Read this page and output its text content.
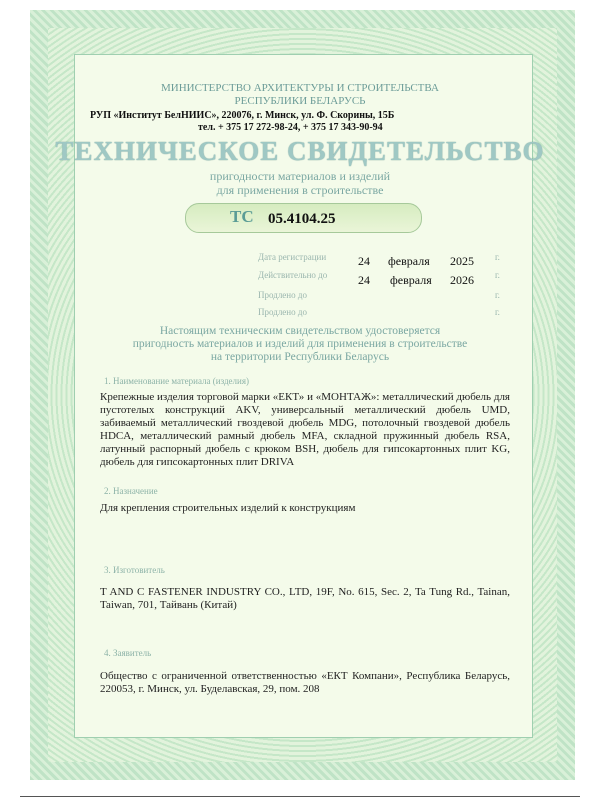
МИНИСТЕРСТВО АРХИТЕКТУРЫ И СТРОИТЕЛЬСТВА
РЕСПУБЛИКИ БЕЛАРУСЬ
РУП «Институт БелНИИС», 220076, г. Минск, ул. Ф. Скорины, 15Б
тел. + 375 17 272-98-24, + 375 17 343-90-94
ТЕХНИЧЕСКОЕ СВИДЕТЕЛЬСТВО
пригодности материалов и изделий
для применения в строительстве
ТС 05.4104.25
Дата регистрации	24 февраля 2025 г.
Действительно до	24 февраля 2026 г.
Продлено до	г.
Продлено до	г.
Настоящим техническим свидетельством удостоверяется
пригодность материалов и изделий для применения в строительстве
на территории Республики Беларусь
1. Наименование материала (изделия)
Крепежные изделия торговой марки «ЕКТ» и «МОНТАЖ»: металлический дюбель для пустотелых конструкций AKV, универсальный металлический дюбель UMD, забиваемый металлический гвоздевой дюбель MDG, потолочный гвоздевой дюбель HDCA, металлический рамный дюбель MFA, складной пружинный дюбель RSA, латунный распорный дюбель с крюком BSH, дюбель для гипсокартонных плит KG, дюбель для гипсокартонных плит DRIVA
2. Назначение
Для крепления строительных изделий к конструкциям
3. Изготовитель
T AND C FASTENER INDUSTRY CO., LTD, 19F, No. 615, Sec. 2, Ta Tung Rd., Tainan, Taiwan, 701, Тайвань (Китай)
4. Заявитель
Общество с ограниченной ответственностью «ЕКТ Компани», Республика Беларусь, 220053, г. Минск, ул. Буделавская, 29, пом. 208
